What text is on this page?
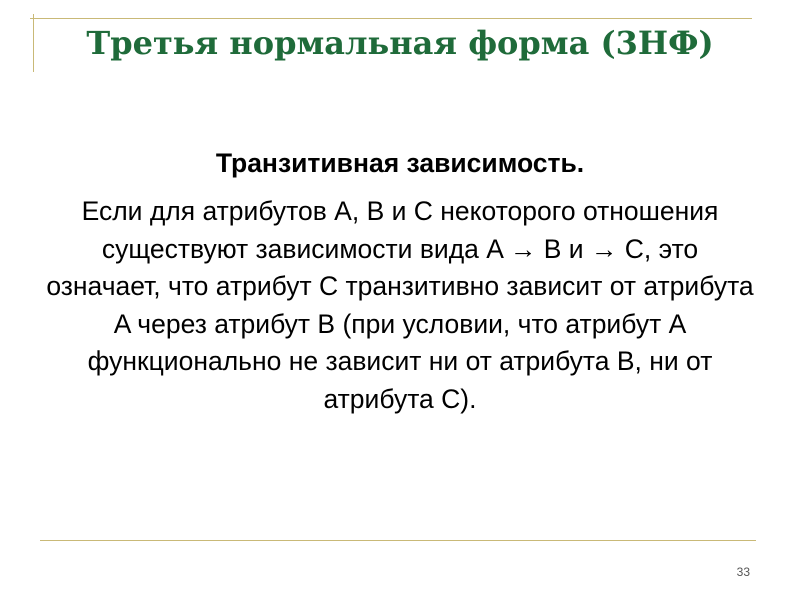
Третья нормальная форма (3НФ)

Транзитивная зависимость.

Если для атрибутов A, B и C некоторого отношения существуют зависимости вида A → B и → C, это означает, что атрибут C транзитивно зависит от атрибута A через атрибут B (при условии, что атрибут A функционально не зависит ни от атрибута B, ни от атрибута C).

33
